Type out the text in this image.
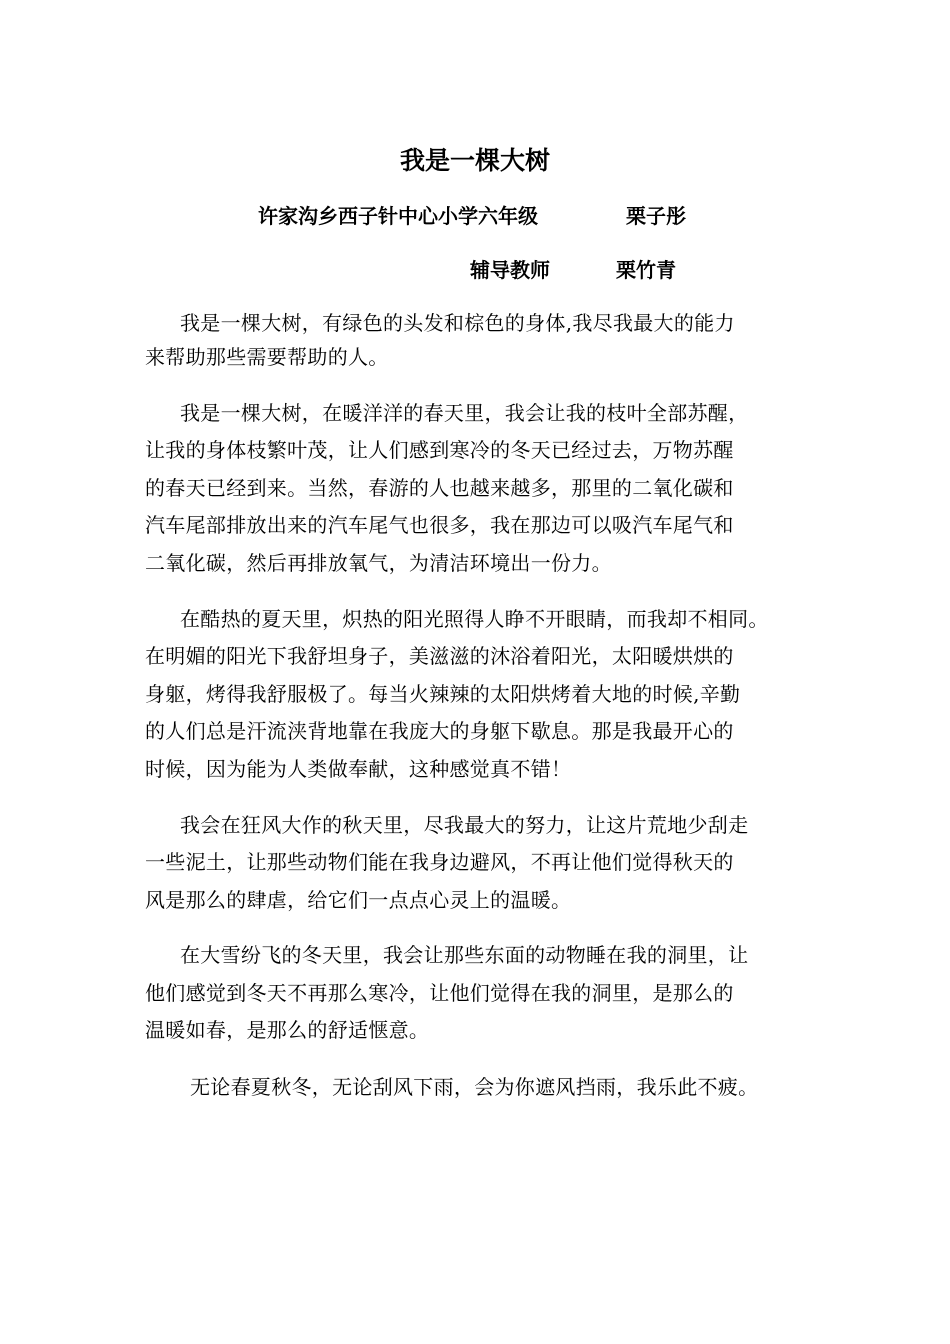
我是一棵大树
许家沟乡西子针中心小学六年级	栗子彤
辅导教师	栗竹青
我是一棵大树，有绿色的头发和棕色的身体,我尽我最大的能力
来帮助那些需要帮助的人。
我是一棵大树，在暖洋洋的春天里，我会让我的枝叶全部苏醒，
让我的身体枝繁叶茂，让人们感到寒冷的冬天已经过去，万物苏醒
的春天已经到来。当然，春游的人也越来越多，那里的二氧化碳和
汽车尾部排放出来的汽车尾气也很多，我在那边可以吸汽车尾气和
二氧化碳，然后再排放氧气，为清洁环境出一份力。
在酷热的夏天里，炽热的阳光照得人睁不开眼睛，而我却不相同。
在明媚的阳光下我舒坦身子，美滋滋的沐浴着阳光，太阳暖烘烘的
身躯，烤得我舒服极了。每当火辣辣的太阳烘烤着大地的时候,辛勤
的人们总是汗流浃背地靠在我庞大的身躯下歇息。那是我最开心的
时候，因为能为人类做奉献，这种感觉真不错！
我会在狂风大作的秋天里，尽我最大的努力，让这片荒地少刮走
一些泥土，让那些动物们能在我身边避风，不再让他们觉得秋天的
风是那么的肆虐，给它们一点点心灵上的温暖。
在大雪纷飞的冬天里，我会让那些东面的动物睡在我的洞里，让
他们感觉到冬天不再那么寒冷，让他们觉得在我的洞里，是那么的
温暖如春，是那么的舒适惬意。
无论春夏秋冬，无论刮风下雨，会为你遮风挡雨，我乐此不疲。
